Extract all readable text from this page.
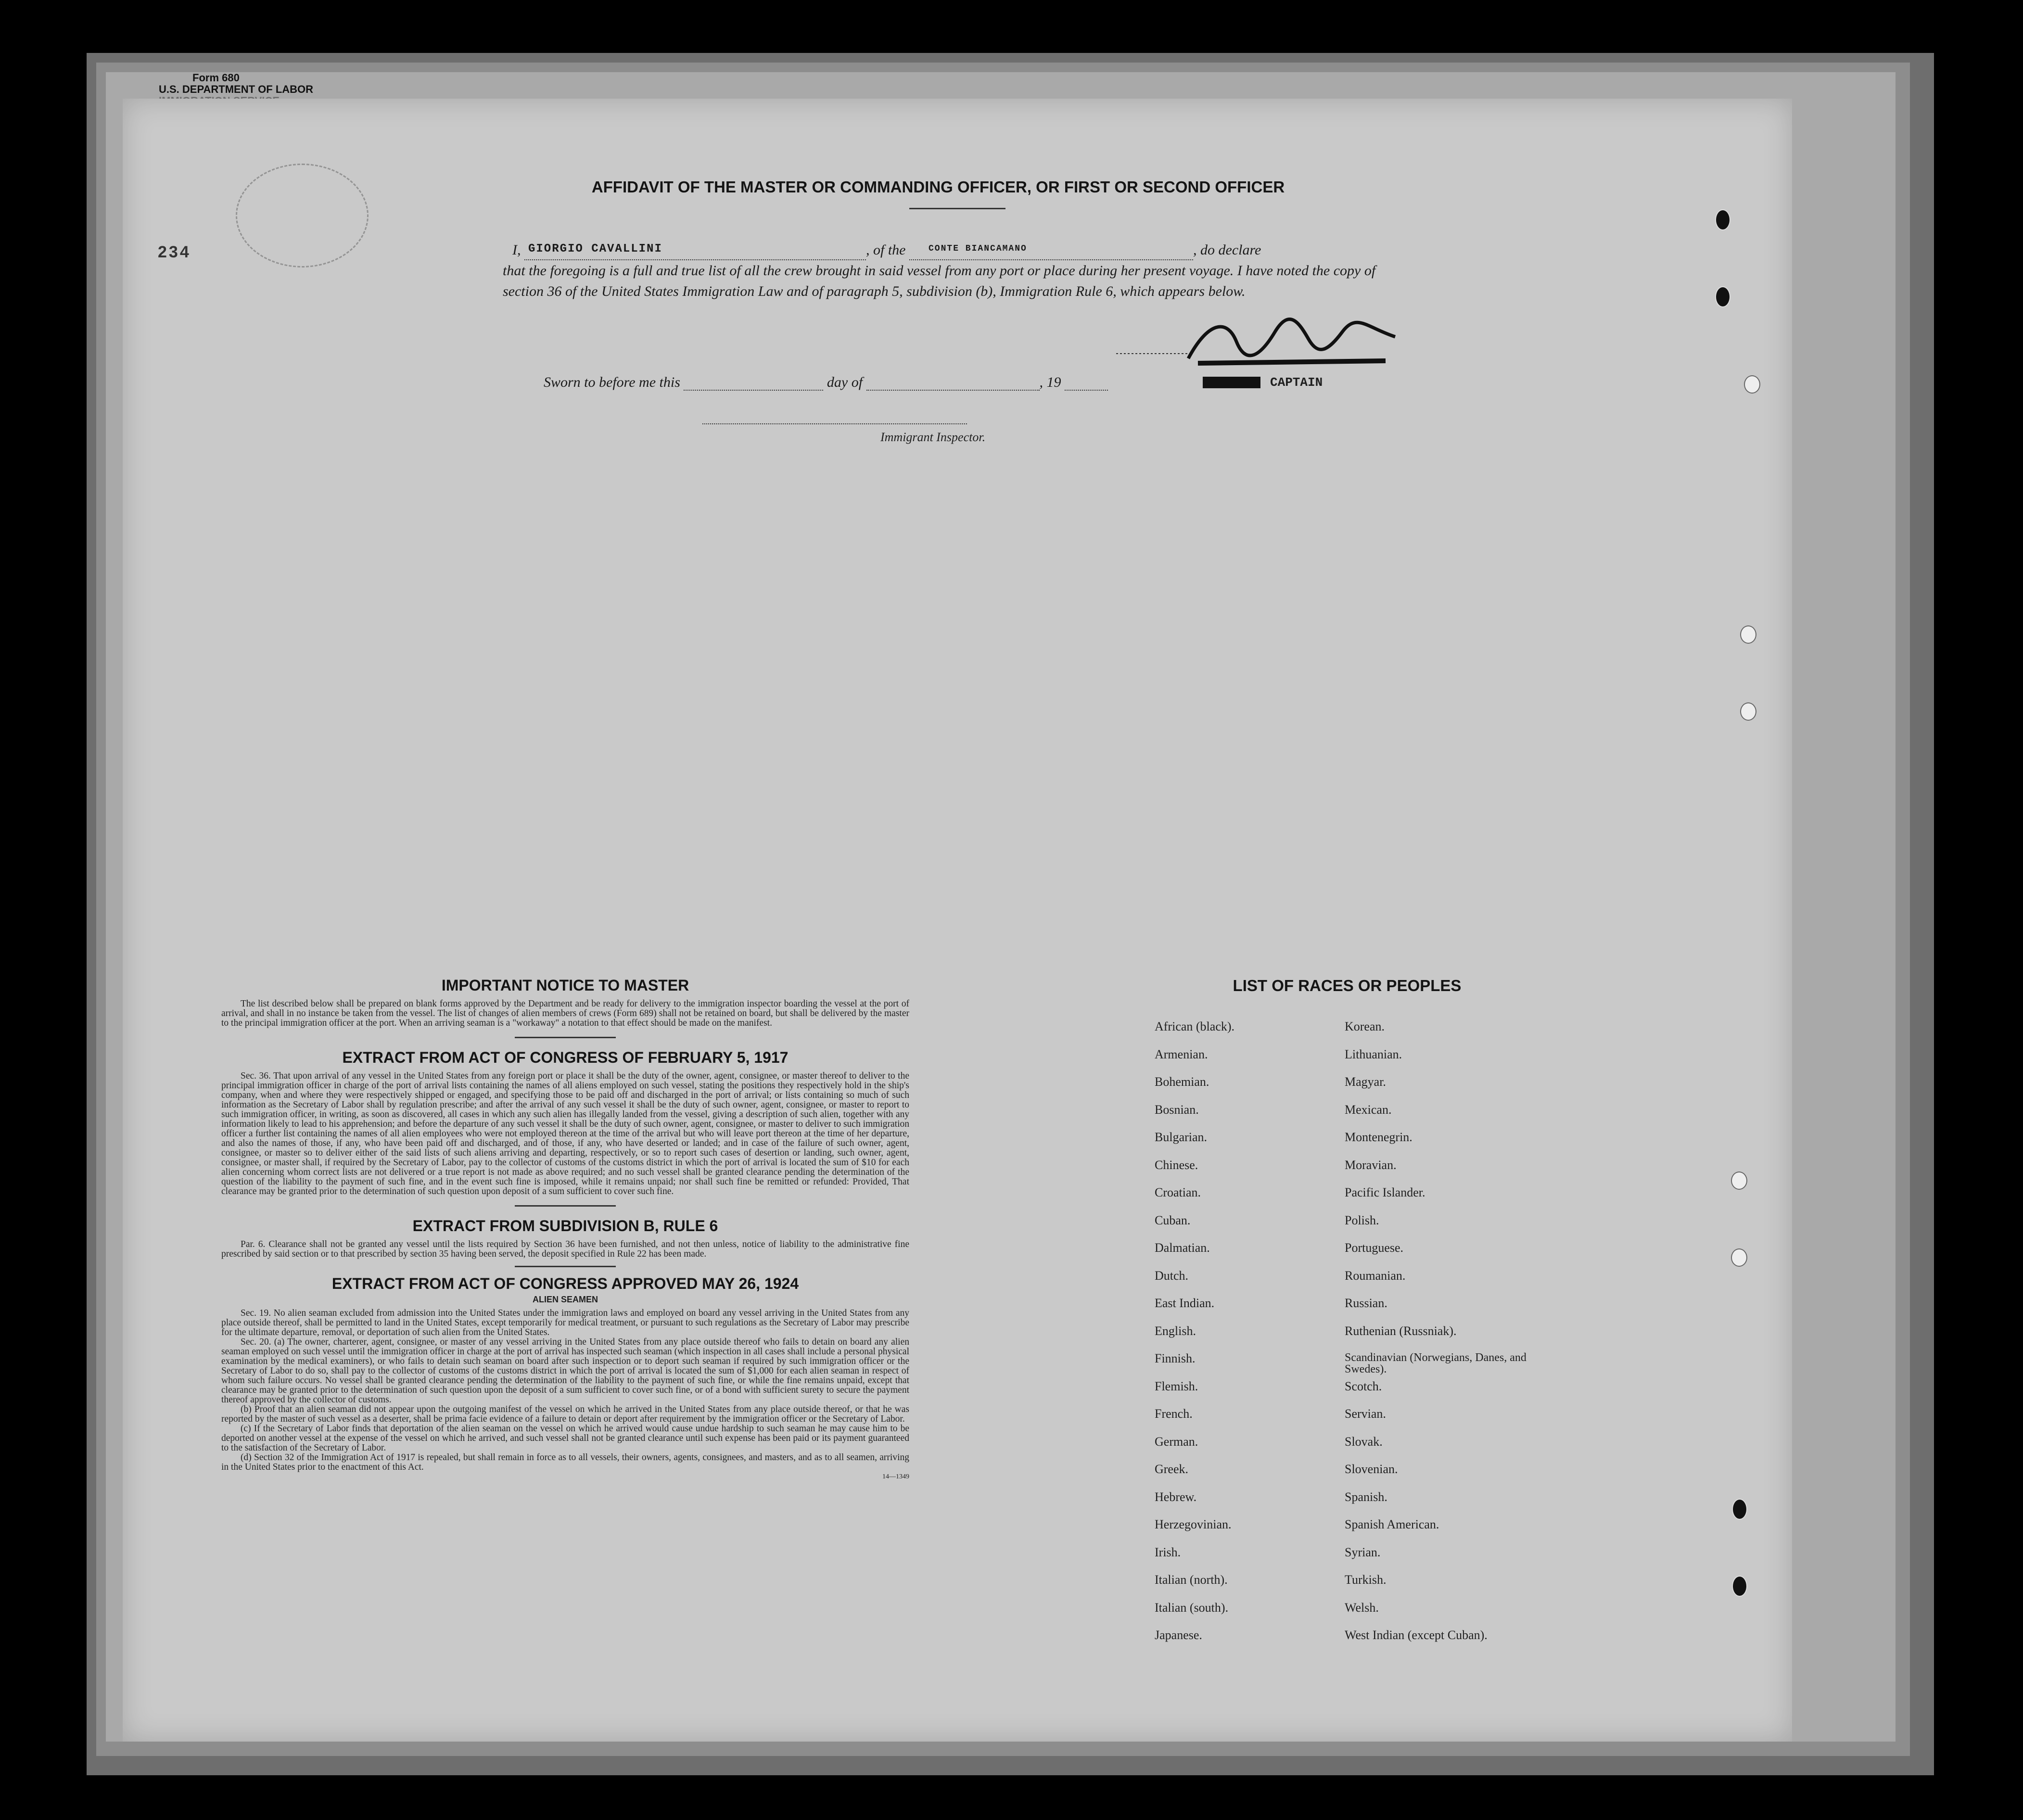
Form 680
U.S. DEPARTMENT OF LABOR
234
AFFIDAVIT OF THE MASTER OR COMMANDING OFFICER, OR FIRST OR SECOND OFFICER
I, GIORGIO CAVALLINI	, of the	CONTE BIANCAMANO	, do declare
that the foregoing is a full and true list of all the crew brought in said vessel from any port or place during her present voyage. I have noted the copy of section 36 of the United States Immigration Law and of paragraph 5, subdivision (b), Immigration Rule 6, which appears below.
Sworn to before me this	day of	, 19	CAPTAIN
Immigrant Inspector.
IMPORTANT NOTICE TO MASTER

The list described below shall be prepared on blank forms approved by the Department and be ready for delivery to the immigration inspector boarding the vessel at the port of arrival, and shall in no instance be taken from the vessel. The list of changes of alien members of crews (Form 689) shall not be retained on board, but shall be delivered by the master to the principal immigration officer at the port. When an arriving seaman is a "workaway" a notation to that effect should be made on the manifest.

EXTRACT FROM ACT OF CONGRESS OF FEBRUARY 5, 1917

Sec. 36. That upon arrival of any vessel in the United States from any foreign port or place it shall be the duty of the owner, agent, consignee, or master thereof to deliver to the principal immigration officer in charge of the port of arrival lists containing the names of all aliens employed on such vessel, stating the positions they respectively hold in the ship's company, when and where they were respectively shipped or engaged, and specifying those to be paid off and discharged in the port of arrival; or lists containing so much of such information as the Secretary of Labor shall by regulation prescribe; and after the arrival of any such vessel it shall be the duty of such owner, agent, consignee, or master to report to such immigration officer, in writing, as soon as discovered, all cases in which any such alien has illegally landed from the vessel, giving a description of such alien, together with any information likely to lead to his apprehension; and before the departure of any such vessel it shall be the duty of such owner, agent, consignee, or master to deliver to such immigration officer a further list containing the names of all alien employees who were not employed thereon at the time of the arrival but who will leave port thereon at the time of her departure, and also the names of those, if any, who have been paid off and discharged, and of those, if any, who have deserted or landed; and in case of the failure of such owner, agent, consignee, or master so to deliver either of the said lists of such aliens arriving and departing, respectively, or so to report such cases of desertion or landing, such owner, agent, consignee, or master shall, if required by the Secretary of Labor, pay to the collector of customs of the customs district in which the port of arrival is located the sum of $10 for each alien concerning whom correct lists are not delivered or a true report is not made as above required; and no such vessel shall be granted clearance pending the determination of the question of the liability to the payment of such fine, and in the event such fine is imposed, while it remains unpaid; nor shall such fine be remitted or refunded: Provided, That clearance may be granted prior to the determination of such question upon deposit of a sum sufficient to cover such fine.

EXTRACT FROM SUBDIVISION B, RULE 6

Par. 6. Clearance shall not be granted any vessel until the lists required by Section 36 have been furnished, and not then unless, notice of liability to the administrative fine prescribed by said section or to that prescribed by section 35 having been served, the deposit specified in Rule 22 has been made.

EXTRACT FROM ACT OF CONGRESS APPROVED MAY 26, 1924
ALIEN SEAMEN

Sec. 19. No alien seaman excluded from admission into the United States under the immigration laws and employed on board any vessel arriving in the United States from any place outside thereof, shall be permitted to land in the United States, except temporarily for medical treatment, or pursuant to such regulations as the Secretary of Labor may prescribe for the ultimate departure, removal, or deportation of such alien from the United States.

Sec. 20. (a) The owner, charterer, agent, consignee, or master of any vessel arriving in the United States from any place outside thereof who fails to detain on board any alien seaman employed on such vessel until the immigration officer in charge at the port of arrival has inspected such seaman (which inspection in all cases shall include a personal physical examination by the medical examiners), or who fails to detain such seaman on board after such inspection or to deport such seaman if required by such immigration officer or the Secretary of Labor to do so, shall pay to the collector of customs of the customs district in which the port of arrival is located the sum of $1,000 for each alien seaman in respect of whom such failure occurs. No vessel shall be granted clearance pending the determination of the liability to the payment of such fine, or while the fine remains unpaid, except that clearance may be granted prior to the determination of such question upon the deposit of a sum sufficient to cover such fine, or of a bond with sufficient surety to secure the payment thereof approved by the collector of customs.

(b) Proof that an alien seaman did not appear upon the outgoing manifest of the vessel on which he arrived in the United States from any place outside thereof, or that he was reported by the master of such vessel as a deserter, shall be prima facie evidence of a failure to detain or deport after requirement by the immigration officer or the Secretary of Labor.

(c) If the Secretary of Labor finds that deportation of the alien seaman on the vessel on which he arrived would cause undue hardship to such seaman he may cause him to be deported on another vessel at the expense of the vessel on which he arrived, and such vessel shall not be granted clearance until such expense has been paid or its payment guaranteed to the satisfaction of the Secretary of Labor.

(d) Section 32 of the Immigration Act of 1917 is repealed, but shall remain in force as to all vessels, their owners, agents, consignees, and masters, and as to all seamen, arriving in the United States prior to the enactment of this Act.

14—1349
LIST OF RACES OR PEOPLES
African (black).	Korean.
Armenian.	Lithuanian.
Bohemian.	Magyar.
Bosnian.	Mexican.
Bulgarian.	Montenegrin.
Chinese.	Moravian.
Croatian.	Pacific Islander.
Cuban.	Polish.
Dalmatian.	Portuguese.
Dutch.	Roumanian.
East Indian.	Russian.
English.	Ruthenian (Russniak).
Finnish.	Scandinavian (Norwegians, Danes, and Swedes).
Flemish.	Scotch.
French.	Servian.
German.	Slovak.
Greek.	Slovenian.
Hebrew.	Spanish.
Herzegovinian.	Spanish American.
Irish.	Syrian.
Italian (north).	Turkish.
Italian (south).	Welsh.
Japanese.	West Indian (except Cuban).
